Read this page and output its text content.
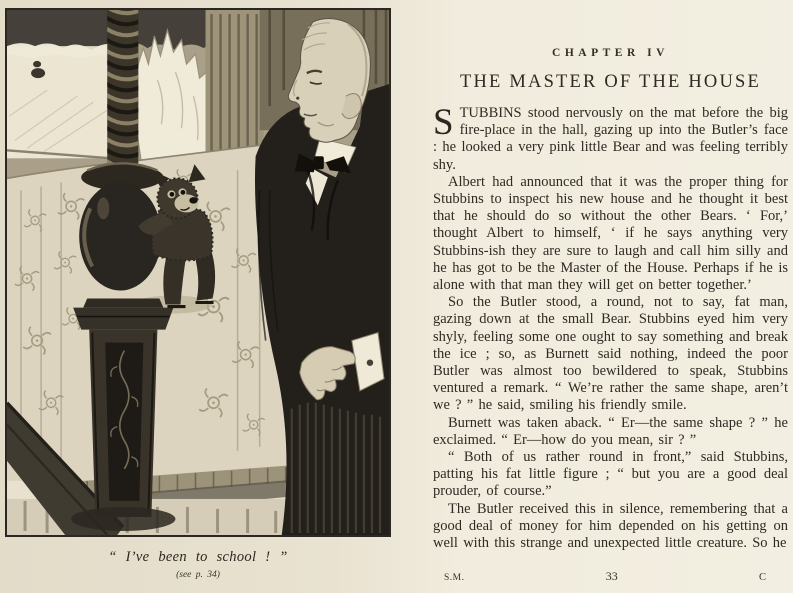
“ I’ve been to school ! ”
(see p. 34)
CHAPTER IV
THE MASTER OF THE HOUSE

STUBBINS stood nervously on the mat before the big fire-place in the hall, gazing up into the Butler’s face : he looked a very pink little Bear and was feeling terribly shy.

Albert had announced that it was the proper thing for Stubbins to inspect his new house and he thought it best that he should do so without the other Bears. ‘ For,’ thought Albert to himself, ‘ if he says anything very Stubbins-ish they are sure to laugh and call him silly and he has got to be the Master of the House. Perhaps if he is alone with that man they will get on better together.’

So the Butler stood, a round, not to say, fat man, gazing down at the small Bear. Stubbins eyed him very shyly, feeling some one ought to say something and break the ice ; so, as Burnett said nothing, indeed the poor Butler was almost too bewildered to speak, Stubbins ventured a remark. “ We’re rather the same shape, aren’t we ? ” he said, smiling his friendly smile.

Burnett was taken aback. “ Er—the same shape ? ” he exclaimed. “ Er—how do you mean, sir ? ”

“ Both of us rather round in front,” said Stubbins, patting his fat little figure ; “ but you are a good deal prouder, of course.”

The Butler received this in silence, remembering that a good deal of money for him depended on his getting on well with this strange and unexpected little creature. So he

S.M.	33	C
